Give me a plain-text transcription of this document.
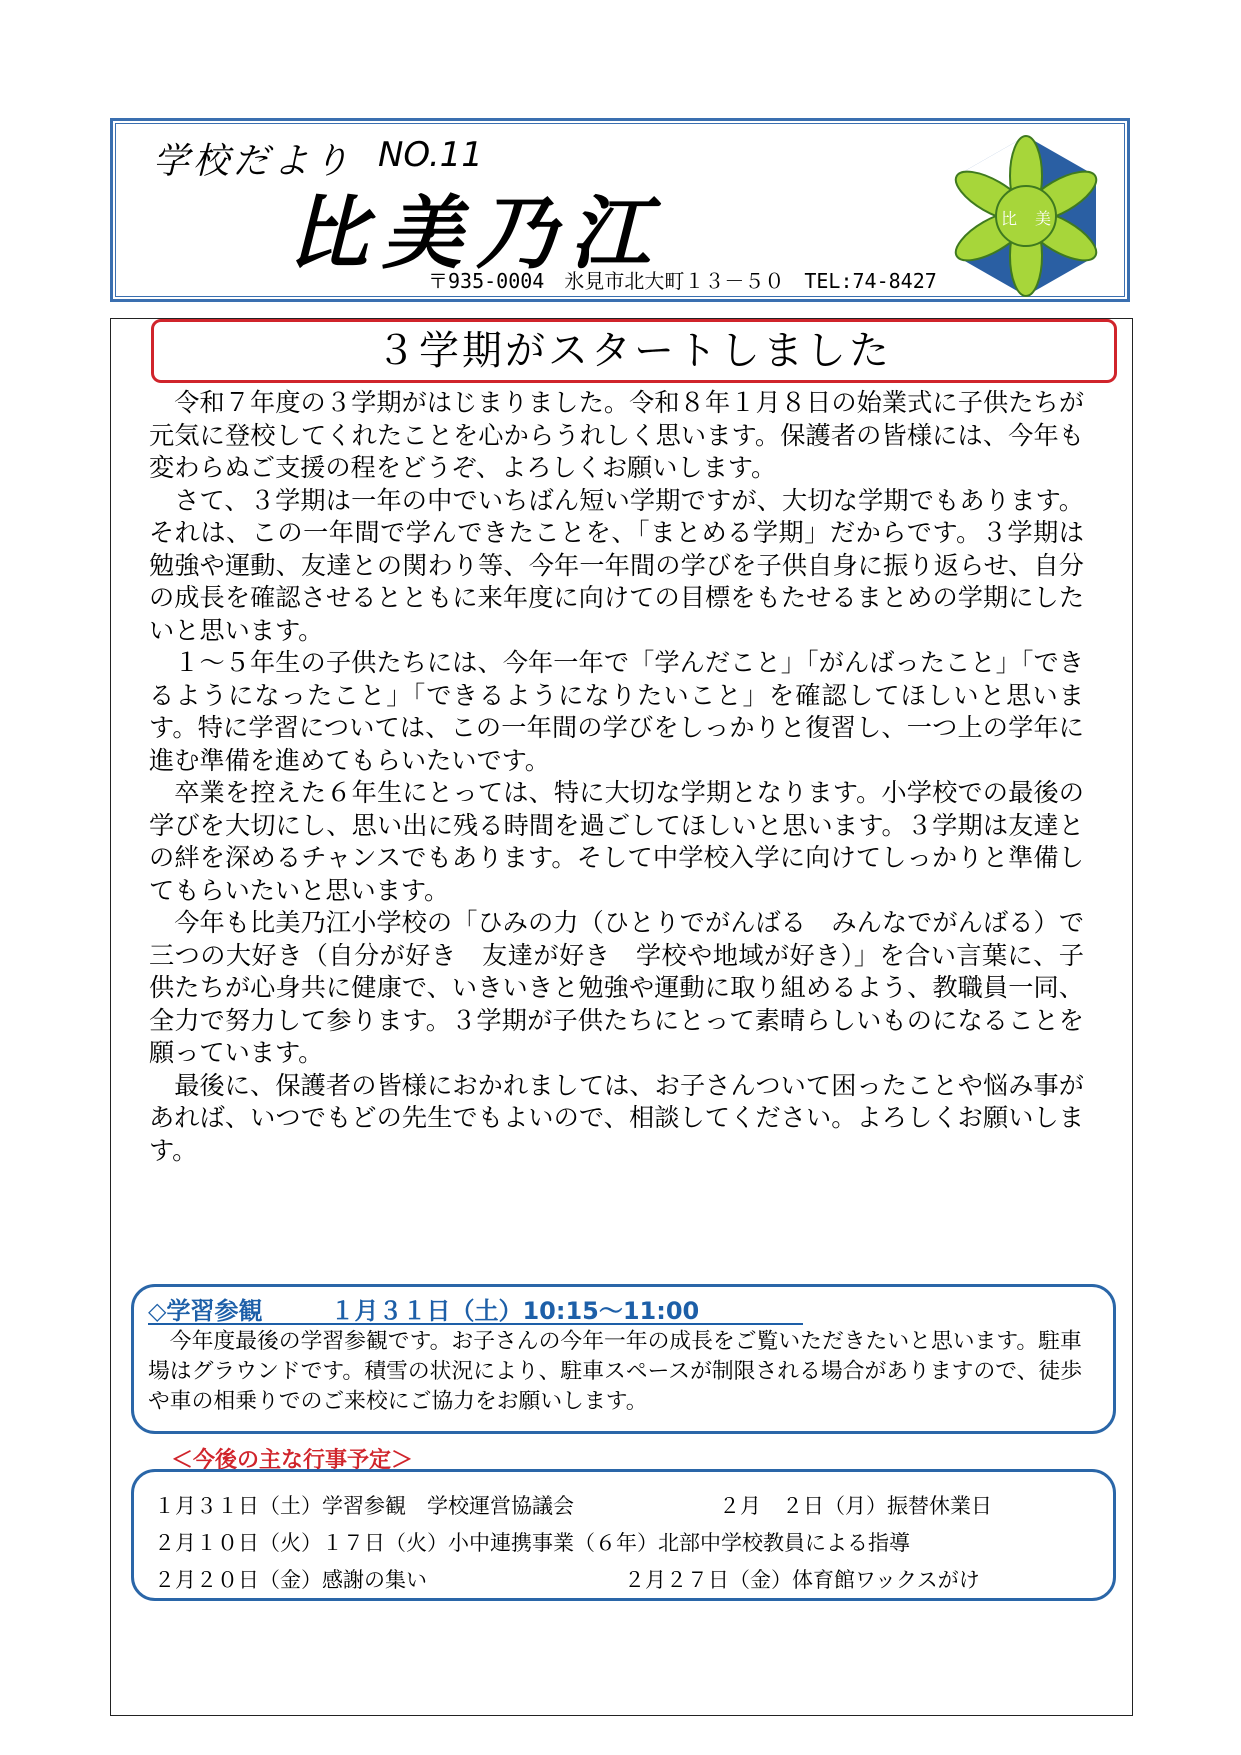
学校だより NO.11
比美乃江
〒935-0004　氷見市北大町１３－５０　TEL:74-8427
比 美
３学期がスタートしました

令和７年度の３学期がはじまりました。令和８年１月８日の始業式に子供たちが元気に登校してくれたことを心からうれしく思います。保護者の皆様には、今年も変わらぬご支援の程をどうぞ、よろしくお願いします。

さて、３学期は一年の中でいちばん短い学期ですが、大切な学期でもあります。それは、この一年間で学んできたことを、「まとめる学期」だからです。３学期は勉強や運動、友達との関わり等、今年一年間の学びを子供自身に振り返らせ、自分の成長を確認させるとともに来年度に向けての目標をもたせるまとめの学期にしたいと思います。

１～５年生の子供たちには、今年一年で「学んだこと」「がんばったこと」「できるようになったこと」「できるようになりたいこと」を確認してほしいと思います。特に学習については、この一年間の学びをしっかりと復習し、一つ上の学年に進む準備を進めてもらいたいです。

卒業を控えた６年生にとっては、特に大切な学期となります。小学校での最後の学びを大切にし、思い出に残る時間を過ごしてほしいと思います。３学期は友達との絆を深めるチャンスでもあります。そして中学校入学に向けてしっかりと準備してもらいたいと思います。

今年も比美乃江小学校の「ひみの力（ひとりでがんばる　みんなでがんばる）で三つの大好き（自分が好き　友達が好き　学校や地域が好き）」を合い言葉に、子供たちが心身共に健康で、いきいきと勉強や運動に取り組めるよう、教職員一同、全力で努力して参ります。３学期が子供たちにとって素晴らしいものになることを願っています。

最後に、保護者の皆様におかれましては、お子さんついて困ったことや悩み事があれば、いつでもどの先生でもよいので、相談してください。よろしくお願いします。

◇学習参観	１月３１日（土）10:15～11:00

今年度最後の学習参観です。お子さんの今年一年の成長をご覧いただきたいと思います。駐車場はグラウンドです。積雪の状況により、駐車スペースが制限される場合がありますので、徒歩や車の相乗りでのご来校にご協力をお願いします。

＜今後の主な行事予定＞
１月３１日（土）学習参観　学校運営協議会	２月　２日（月）振替休業日
２月１０日（火）１７日（火）小中連携事業（６年）北部中学校教員による指導
２月２０日（金）感謝の集い	２月２７日（金）体育館ワックスがけ
